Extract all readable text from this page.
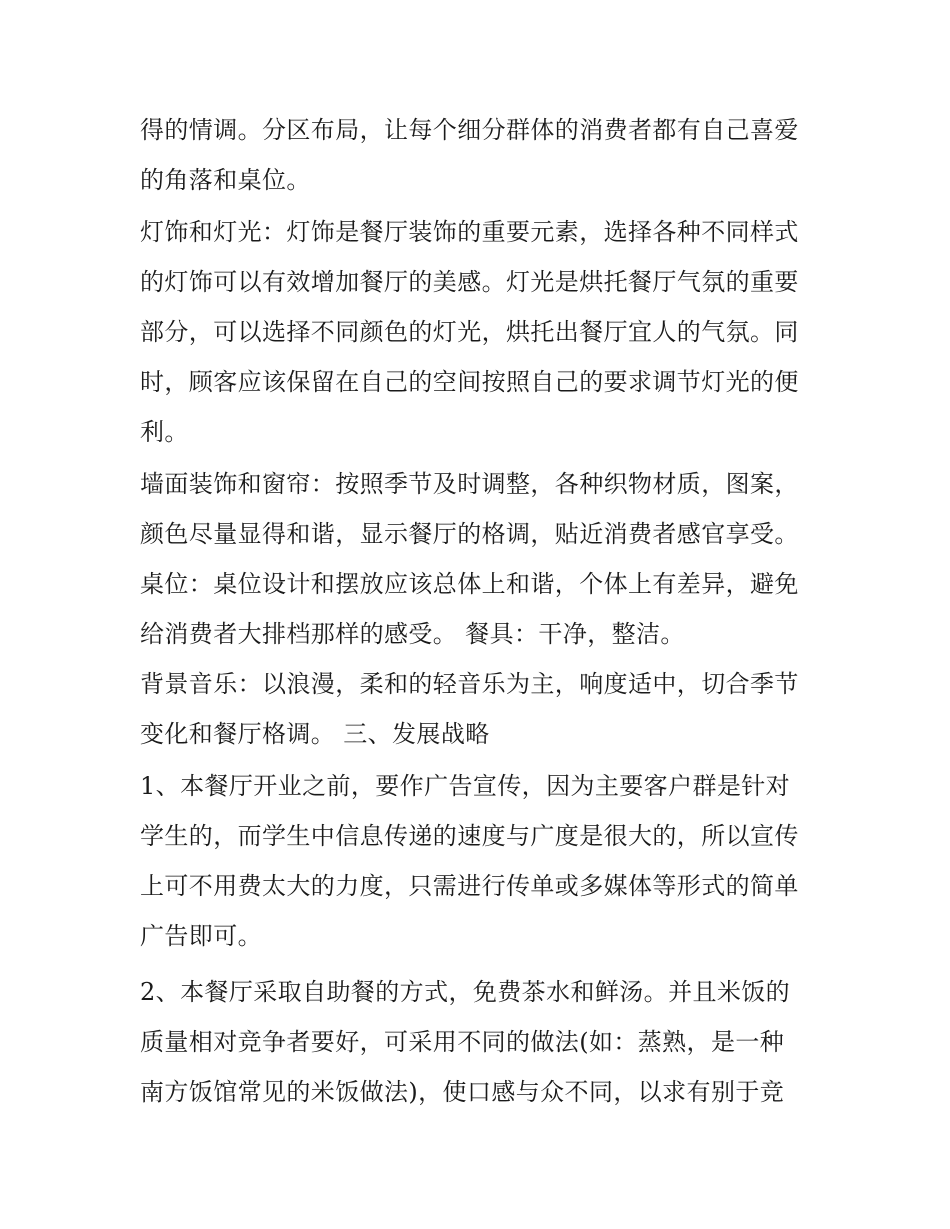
得的情调。分区布局，让每个细分群体的消费者都有自己喜爱
的角落和桌位。
灯饰和灯光：灯饰是餐厅装饰的重要元素，选择各种不同样式
的灯饰可以有效增加餐厅的美感。灯光是烘托餐厅气氛的重要
部分，可以选择不同颜色的灯光，烘托出餐厅宜人的气氛。同
时，顾客应该保留在自己的空间按照自己的要求调节灯光的便
利。
墙面装饰和窗帘：按照季节及时调整，各种织物材质，图案，
颜色尽量显得和谐，显示餐厅的格调，贴近消费者感官享受。
桌位：桌位设计和摆放应该总体上和谐，个体上有差异，避免
给消费者大排档那样的感受。 餐具：干净，整洁。
背景音乐：以浪漫，柔和的轻音乐为主，响度适中，切合季节
变化和餐厅格调。 三、发展战略
1、本餐厅开业之前，要作广告宣传，因为主要客户群是针对
学生的，而学生中信息传递的速度与广度是很大的，所以宣传
上可不用费太大的力度，只需进行传单或多媒体等形式的简单
广告即可。
2、本餐厅采取自助餐的方式，免费茶水和鲜汤。并且米饭的
质量相对竞争者要好，可采用不同的做法(如：蒸熟，是一种
南方饭馆常见的米饭做法)，使口感与众不同，以求有别于竞
